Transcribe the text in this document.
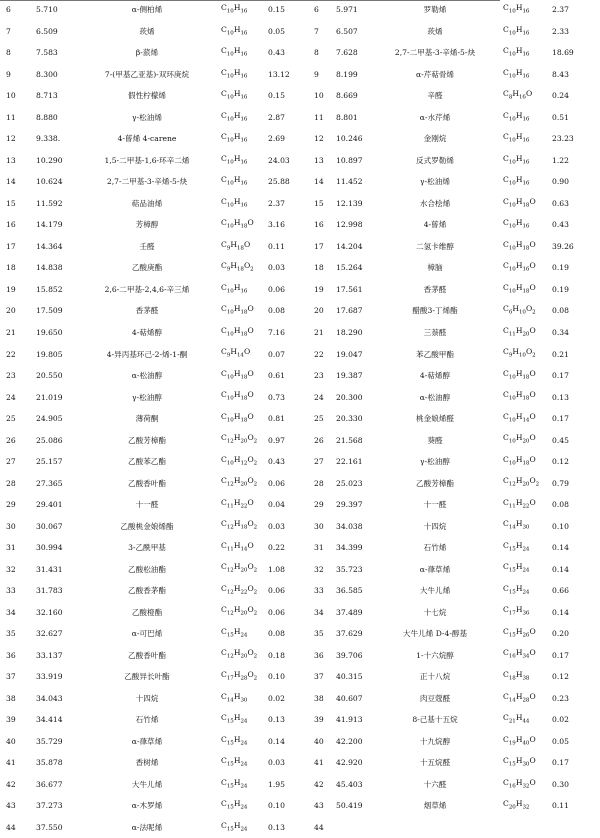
6	5.710	α-侧柏烯	$C_{10}H_{16}$	0.15	6	5.971	罗勒烯	$C_{10}H_{16}$	2.37
7	6.509	莰烯	$C_{10}H_{16}$	0.05	7	6.507	莰烯	$C_{10}H_{16}$	2.33
8	7.583	β-蒎烯	$C_{10}H_{16}$	0.43	8	7.628	2,7-二甲基-3-辛烯-5-炔	$C_{10}H_{16}$	18.69
9	8.300	7-(甲基乙亚基)-双环庚烷	$C_{10}H_{16}$	13.12	9	8.199	α-芹萜骨烯	$C_{10}H_{16}$	8.43
10	8.713	假性柠檬烯	$C_{10}H_{16}$	0.15	10	8.669	辛醛	$C_8H_{16}O$	0.24
11	8.880	γ-松油烯	$C_{10}H_{16}$	2.87	11	8.801	α-水芹烯	$C_{10}H_{16}$	0.51
12	9.338.	4-蒈烯 4-carene	$C_{10}H_{16}$	2.69	12	10.246	金刚烷	$C_{10}H_{16}$	23.23
13	10.290	1,5-二甲基-1,6-环辛二烯	$C_{10}H_{16}$	24.03	13	10.897	反式罗勒烯	$C_{10}H_{16}$	1.22
14	10.624	2,7-二甲基-3-辛烯-5-炔	$C_{10}H_{16}$	25.88	14	11.452	γ-松油烯	$C_{10}H_{16}$	0.90
15	11.592	萜品油烯	$C_{10}H_{16}$	2.37	15	12.139	水合桧烯	$C_{10}H_{18}O$	0.63
16	14.179	芳樟醇	$C_{10}H_{18}O$	3.16	16	12.998	4-蒈烯	$C_{10}H_{16}$	0.43
17	14.364	壬醛	$C_9H_{18}O$	0.11	17	14.204	二氢卡维醇	$C_{10}H_{18}O$	39.26
18	14.838	乙酸庚酯	$C_9H_{18}O_2$	0.03	18	15.264	樟脑	$C_{10}H_{16}O$	0.19
19	15.852	2,6-二甲基-2,4,6-辛三烯	$C_{10}H_{16}$	0.06	19	17.561	香茅醛	$C_{10}H_{18}O$	0.19
20	17.509	香茅醛	$C_{10}H_{18}O$	0.08	20	17.687	醋酸3-丁烯酯	$C_6H_{10}O_2$	0.08
21	19.650	4-萜烯醇	$C_{10}H_{18}O$	7.16	21	18.290	三萘醛	$C_{11}H_{20}O$	0.34
22	19.805	4-异丙基环己-2-烯-1-酮	$C_9H_{14}O$	0.07	22	19.047	苯乙酸甲酯	$C_9H_{10}O_2$	0.21
23	20.550	α-松油醇	$C_{10}H_{18}O$	0.61	23	19.387	4-萜烯醇	$C_{10}H_{18}O$	0.17
24	21.019	γ-松油醇	$C_{10}H_{18}O$	0.73	24	20.300	α-松油醇	$C_{10}H_{18}O$	0.13
25	24.905	薄荷酮	$C_{10}H_{18}O$	0.81	25	20.330	桃金娘烯醛	$C_{10}H_{14}O$	0.17
26	25.086	乙酸芳樟酯	$C_{12}H_{20}O_2$	0.97	26	21.568	葵醛	$C_{10}H_{20}O$	0.45
27	25.157	乙酸苯乙酯	$C_{10}H_{12}O_2$	0.43	27	22.161	γ-松油醇	$C_{10}H_{18}O$	0.12
28	27.365	乙酸香叶酯	$C_{12}H_{20}O_2$	0.06	28	25.023	乙酸芳樟酯	$C_{12}H_{20}O_2$	0.79
29	29.401	十一醛	$C_{11}H_{22}O$	0.04	29	29.397	十一醛	$C_{11}H_{22}O$	0.08
30	30.067	乙酸桃金娘烯酯	$C_{12}H_{18}O_2$	0.03	30	34.038	十四烷	$C_{14}H_{30}$	0.10
31	30.994	3-乙酰甲基	$C_{11}H_{14}O$	0.22	31	34.399	石竹烯	$C_{15}H_{24}$	0.14
32	31.431	乙酸松油酯	$C_{12}H_{20}O_2$	1.08	32	35.723	α-葎草烯	$C_{15}H_{24}$	0.14
33	31.783	乙酸香茅酯	$C_{12}H_{22}O_2$	0.06	33	36.585	大牛儿烯	$C_{15}H_{24}$	0.66
34	32.160	乙酸橙酯	$C_{12}H_{20}O_2$	0.06	34	37.489	十七烷	$C_{17}H_{36}$	0.14
35	32.627	α-可巴烯	$C_{15}H_{24}$	0.08	35	37.629	大牛儿烯 D-4-醇基	$C_{15}H_{26}O$	0.20
36	33.137	乙酸香叶酯	$C_{12}H_{20}O_2$	0.18	36	39.706	1-十六烷醇	$C_{16}H_{34}O$	0.17
37	33.919	乙酸异长叶酯	$C_{17}H_{28}O_2$	0.10	37	40.315	正十八烷	$C_{18}H_{38}$	0.12
38	34.043	十四烷	$C_{14}H_{30}$	0.02	38	40.607	肉豆蔻醛	$C_{14}H_{28}O$	0.23
39	34.414	石竹烯	$C_{15}H_{24}$	0.13	39	41.913	8-己基十五烷	$C_{21}H_{44}$	0.02
40	35.729	α-葎草烯	$C_{15}H_{24}$	0.14	40	42.200	十九烷醇	$C_{19}H_{40}O$	0.05
41	35.878	香树烯	$C_{15}H_{24}$	0.03	41	42.920	十五烷醛	$C_{15}H_{30}O$	0.17
42	36.677	大牛儿烯	$C_{15}H_{24}$	1.95	42	45.403	十六醛	$C_{16}H_{32}O$	0.30
43	37.273	α-木罗烯	$C_{15}H_{24}$	0.10	43	50.419	烟草烯	$C_{20}H_{32}$	0.11
44	37.550	α-法呢烯	$C_{15}H_{24}$	0.13	44				
